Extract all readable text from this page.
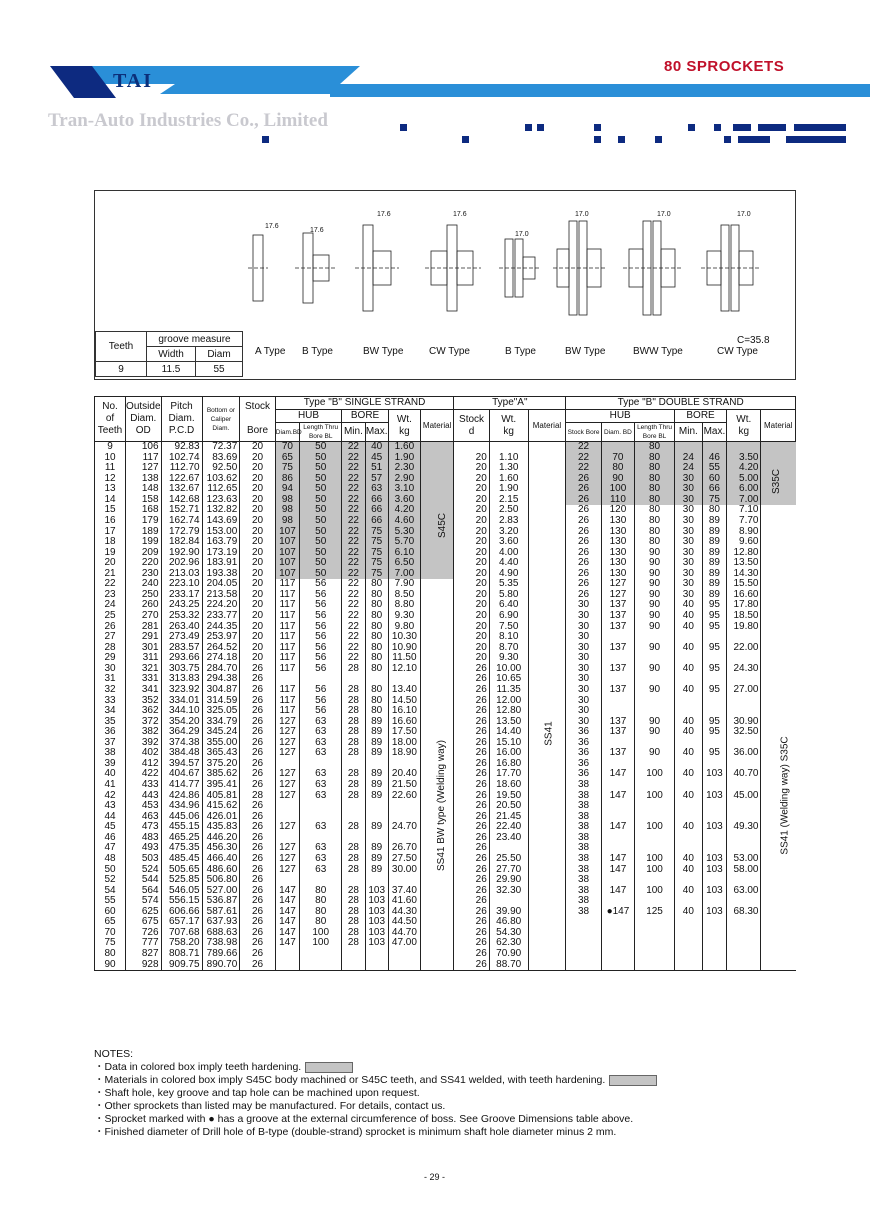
TAI
80 SPROCKETS
Tran-Auto Industries Co., Limited
17.6
17.6
17.6	17.6
17.0
17.0	17.0	17.0
Teeth	groove measure	
	Width	Diam
9	11.5	55
A Type B Type	BW Type	CW Type	B Type	BW Type	BWW Type	CW Type
C=35.8
No.
of
Teeth	Outside
Diam.
OD	Pitch
Diam.
P.C.D	Bottom or
Caliper
Diam.	Stock

Bore	Type "B" SINGLE STRAND						Type"A"			Type "B" DOUBLE STRAND						
					HUB		BORE		Wt.
kg	Material	Stock
d	Wt.
kg	Material	HUB			BORE		Wt.
kg	Material
					Diam.BD	Length Thru Bore BL	Min.	Max.						Stock Bore	Diam. BD	Length Thru Bore BL	Min.	Max.		
9	106	92.83	72.37	20	70	50	22	40	1.60					22		80				
10	117	102.74	83.69	20	65	50	22	45	1.90		20	1.10		22	70	80	24	46	3.50	
11	127	112.70	92.50	20	75	50	22	51	2.30		20	1.30		22	80	80	24	55	4.20	
12	138	122.67	103.62	20	86	50	22	57	2.90		20	1.60		26	90	80	30	60	5.00	
13	148	132.67	112.65	20	94	50	22	63	3.10		20	1.90		26	100	80	30	66	6.00	
14	158	142.68	123.63	20	98	50	22	66	3.60		20	2.15		26	110	80	30	75	7.00	
15	168	152.71	132.82	20	98	50	22	66	4.20		20	2.50		26	120	80	30	80	7.10	
16	179	162.74	143.69	20	98	50	22	66	4.60		20	2.83		26	130	80	30	89	7.70	
17	189	172.79	153.00	20	107	50	22	75	5.30		20	3.20		26	130	80	30	89	8.90	
18	199	182.84	163.79	20	107	50	22	75	5.70		20	3.60		26	130	80	30	89	9.60	
19	209	192.90	173.19	20	107	50	22	75	6.10		20	4.00		26	130	90	30	89	12.80	
20	220	202.96	183.91	20	107	50	22	75	6.50		20	4.40		26	130	90	30	89	13.50	
21	230	213.03	193.38	20	107	50	22	75	7.00		20	4.90		26	130	90	30	89	14.30	
22	240	223.10	204.05	20	117	56	22	80	7.90		20	5.35		26	127	90	30	89	15.50	
23	250	233.17	213.58	20	117	56	22	80	8.50		20	5.80		26	127	90	30	89	16.60	
24	260	243.25	224.20	20	117	56	22	80	8.80		20	6.40		30	137	90	40	95	17.80	
25	270	253.32	233.77	20	117	56	22	80	9.30		20	6.90		30	137	90	40	95	18.50	
26	281	263.40	244.35	20	117	56	22	80	9.80		20	7.50		30	137	90	40	95	19.80	
27	291	273.49	253.97	20	117	56	22	80	10.30		20	8.10		30						
28	301	283.57	264.52	20	117	56	22	80	10.90		20	8.70		30	137	90	40	95	22.00	
29	311	293.66	274.18	20	117	56	22	80	11.50		20	9.30		30						
30	321	303.75	284.70	26	117	56	28	80	12.10		26	10.00		30	137	90	40	95	24.30	
31	331	313.83	294.38	26							26	10.65		30						
32	341	323.92	304.87	26	117	56	28	80	13.40		26	11.35		30	137	90	40	95	27.00	
33	352	334.01	314.59	26	117	56	28	80	14.50		26	12.00		30						
34	362	344.10	325.05	26	117	56	28	80	16.10		26	12.80		30						
35	372	354.20	334.79	26	127	63	28	89	16.60		26	13.50		30	137	90	40	95	30.90	
36	382	364.29	345.24	26	127	63	28	89	17.50		26	14.40		36	137	90	40	95	32.50	
37	392	374.38	355.00	26	127	63	28	89	18.00		26	15.10		36						
38	402	384.48	365.43	26	127	63	28	89	18.90		26	16.00		36	137	90	40	95	36.00	
39	412	394.57	375.20	26							26	16.80		36						
40	422	404.67	385.62	26	127	63	28	89	20.40		26	17.70		36	147	100	40	103	40.70	
41	433	414.77	395.41	26	127	63	28	89	21.50		26	18.60		38						
42	443	424.86	405.81	28	127	63	28	89	22.60		26	19.50		38	147	100	40	103	45.00	
43	453	434.96	415.62	26							26	20.50		38						
44	463	445.06	426.01	26							26	21.45		38						
45	473	455.15	435.83	26	127	63	28	89	24.70		26	22.40		38	147	100	40	103	49.30	
46	483	465.25	446.20	26							26	23.40		38						
47	493	475.35	456.30	26	127	63	28	89	26.70		26			38						
48	503	485.45	466.40	26	127	63	28	89	27.50		26	25.50		38	147	100	40	103	53.00	
50	524	505.65	486.60	26	127	63	28	89	30.00		26	27.70		38	147	100	40	103	58.00	
52	544	525.85	506.80	26							26	29.90		38						
54	564	546.05	527.00	26	147	80	28	103	37.40		26	32.30		38	147	100	40	103	63.00	
55	574	556.15	536.87	26	147	80	28	103	41.60		26			38						
60	625	606.66	587.61	26	147	80	28	103	44.30		26	39.90		38	●147	125	40	103	68.30	
65	675	657.17	637.93	26	147	80	28	103	44.50		26	46.80								
70	726	707.68	688.63	26	147	100	28	103	44.70		26	54.30								
75	777	758.20	738.98	26	147	100	28	103	47.00		26	62.30								
80	827	808.71	789.66	26							26	70.90								
90	928	909.75	890.70	26							26	88.70								
S45C
SS41 BW type (Welding way)
SS41
S35C
SS41 (Welding way) S35C
NOTES:
・Data in colored box imply teeth hardening.
・Materials in colored box imply S45C body machined or S45C teeth, and SS41 welded, with teeth hardening.
・Shaft hole, key groove and tap hole can be machined upon request.
・Other sprockets than listed may be manufactured. For details, contact us.
・Sprocket marked with ● has a groove at the external circumference of boss. See Groove Dimensions table above.
・Finished diameter of Drill hole of B-type (double-strand) sprocket is minimum shaft hole diameter minus 2 mm.
- 29 -
